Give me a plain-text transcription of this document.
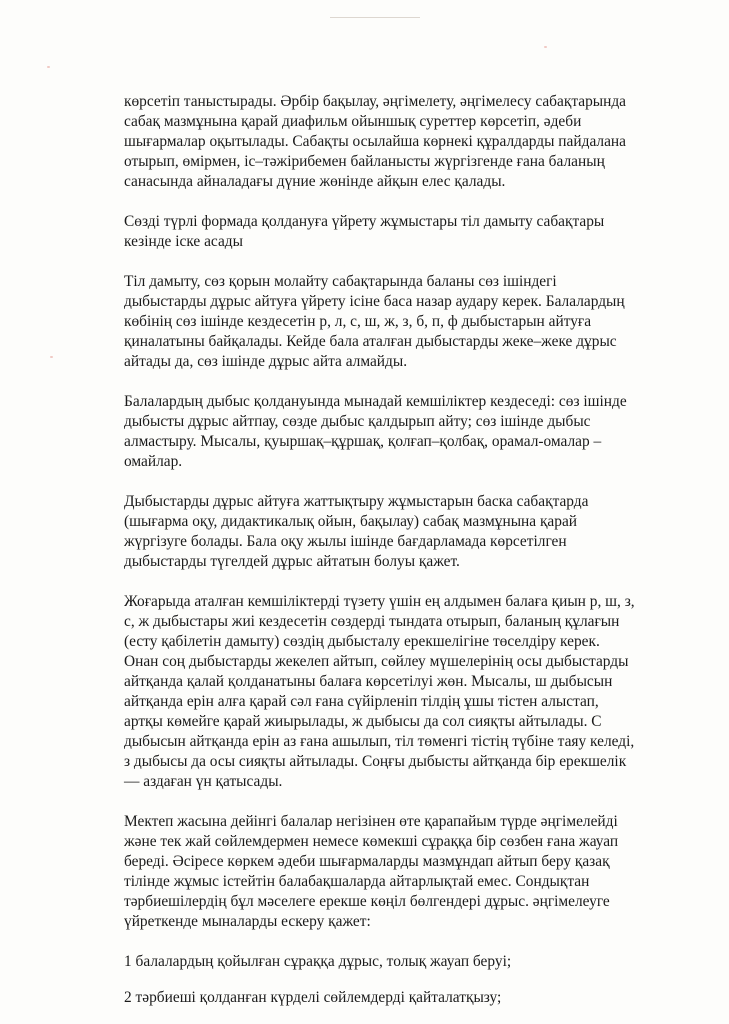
көрсетіп таныстырады. Әрбір бақылау, әңгімелету, әңгімелесу сабақтарында
сабақ мазмұнына қарай диафильм ойыншық суреттер көрсетіп, әдеби
шығармалар оқытылады. Сабақты осылайша көрнекі құралдарды пайдалана
отырып, өмірмен, іс–тәжірибемен байланысты жүргізгенде ғана баланың
санасында айналадағы дүние жөнінде айқын елес қалады.

Сөзді түрлі формада қолдануға үйрету жұмыстары тіл дамыту сабақтары
кезінде іске асады

Тіл дамыту, сөз қорын молайту сабақтарында баланы сөз ішіндегі
дыбыстарды дұрыс айтуға үйрету ісіне баса назар аудару керек. Балалардың
көбінің сөз ішінде кездесетін р, л, с, ш, ж, з, б, п, ф дыбыстарын айтуға
қиналатыны байқалады. Кейде бала аталған дыбыстарды жеке–жеке дұрыс
айтады да, сөз ішінде дұрыс айта алмайды.

Балалардың дыбыс қолдануында мынадай кемшіліктер кездеседі: сөз ішінде
дыбысты дұрыс айтпау, сөзде дыбыс қалдырып айту; сөз ішінде дыбыс
алмастыру. Мысалы, қуыршақ–құршақ, қолғап–қолбақ, орамал-омалар –
омайлар.

Дыбыстарды дұрыс айтуға жаттықтыру жұмыстарын баска сабақтарда
(шығарма оқу, дидактикалық ойын, бақылау) сабақ мазмұнына қарай
жүргізуге болады. Бала оқу жылы ішінде бағдарламада көрсетілген
дыбыстарды түгелдей дұрыс айтатын болуы қажет.

Жоғарыда аталған кемшіліктерді түзету үшін ең алдымен балаға қиын р, ш, з,
с, ж дыбыстары жиі кездесетін сөздерді тындата отырып, баланың құлағын
(есту қабілетін дамыту) сөздің дыбысталу ерекшелігіне төселдіру керек.
Онан соң дыбыстарды жекелеп айтып, сөйлеу мүшелерінің осы дыбыстарды
айтқанда қалай қолданатыны балаға көрсетілуі жөн. Мысалы, ш дыбысын
айтқанда ерін алға қарай сәл ғана сүйірленіп тілдің ұшы тістен алыстап,
артқы көмейге қарай жиырылады, ж дыбысы да сол сияқты айтылады. С
дыбысын айтқанда ерін аз ғана ашылып, тіл төменгі тістің түбіне таяу келеді,
з дыбысы да осы сияқты айтылады. Соңғы дыбысты айтқанда бір ерекшелік
— аздаған үн қатысады.

Мектеп жасына дейінгі балалар негізінен өте қарапайым түрде әңгімелейді
және тек жай сөйлемдермен немесе көмекші сұраққа бір сөзбен ғана жауап
береді. Әсіресе көркем әдеби шығармаларды мазмұндап айтып беру қазақ
тілінде жұмыс істейтін балабақшаларда айтарлықтай емес. Сондықтан
тәрбиешілердің бұл мәселеге ерекше көңіл бөлгендері дұрыс. әңгімелеуге
үйреткенде мыналарды ескеру қажет:

1 балалардың қойылған сұраққа дұрыс, толық жауап беруі;

2 тәрбиеші қолданған күрделі сөйлемдерді қайталатқызу;
